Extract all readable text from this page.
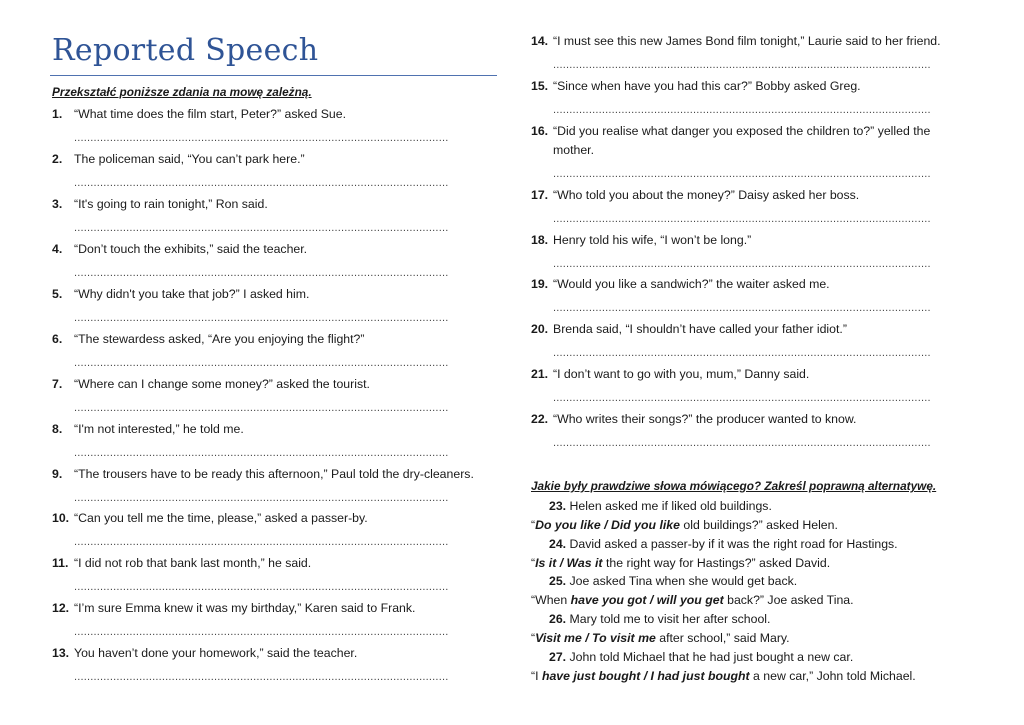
Reported Speech
Przekształć poniższe zdania na mowę zależną.
1. “What time does the film start, Peter?” asked Sue.
...................................................................................................................
2. The policeman said, “You can’t park here.”
...................................................................................................................
3. “It's going to rain tonight,” Ron said.
...................................................................................................................
4. “Don’t touch the exhibits,” said the teacher.
...................................................................................................................
5. “Why didn't you take that job?” I asked him.
...................................................................................................................
6. “The stewardess asked, “Are you enjoying the flight?”
...................................................................................................................
7. “Where can I change some money?” asked the tourist.
...................................................................................................................
8. “I'm not interested,” he told me.
...................................................................................................................
9. “The trousers have to be ready this afternoon,” Paul told the dry-cleaners.
...................................................................................................................
10. “Can you tell me the time, please,” asked a passer-by.
...................................................................................................................
11. “I did not rob that bank last month,” he said.
...................................................................................................................
12. “I’m sure Emma knew it was my birthday,” Karen said to Frank.
...................................................................................................................
13. You haven’t done your homework,” said the teacher.
...................................................................................................................
14. “I must see this new James Bond film tonight,” Laurie said to her friend.
....................................................................................................................
15. “Since when have you had this car?” Bobby asked Greg.
....................................................................................................................
16. “Did you realise what danger you exposed the children to?” yelled the
mother.
....................................................................................................................
17. “Who told you about the money?” Daisy asked her boss.
....................................................................................................................
18. Henry told his wife, “I won’t be long.”
....................................................................................................................
19. “Would you like a sandwich?” the waiter asked me.
....................................................................................................................
20. Brenda said, “I shouldn’t have called your father idiot.”
....................................................................................................................
21. “I don’t want to go with you, mum,” Danny said.
....................................................................................................................
22. “Who writes their songs?” the producer wanted to know.
....................................................................................................................
Jakie były prawdziwe słowa mówiącego? Zakreśl poprawną alternatywę.
23. Helen asked me if liked old buildings.
“Do you like / Did you like old buildings?” asked Helen.
24. David asked a passer-by if it was the right road for Hastings.
“Is it / Was it the right way for Hastings?” asked David.
25. Joe asked Tina when she would get back.
“When have you got / will you get back?” Joe asked Tina.
26. Mary told me to visit her after school.
“Visit me / To visit me after school,” said Mary.
27. John told Michael that he had just bought a new car.
“I have just bought / I had just bought a new car,” John told Michael.
